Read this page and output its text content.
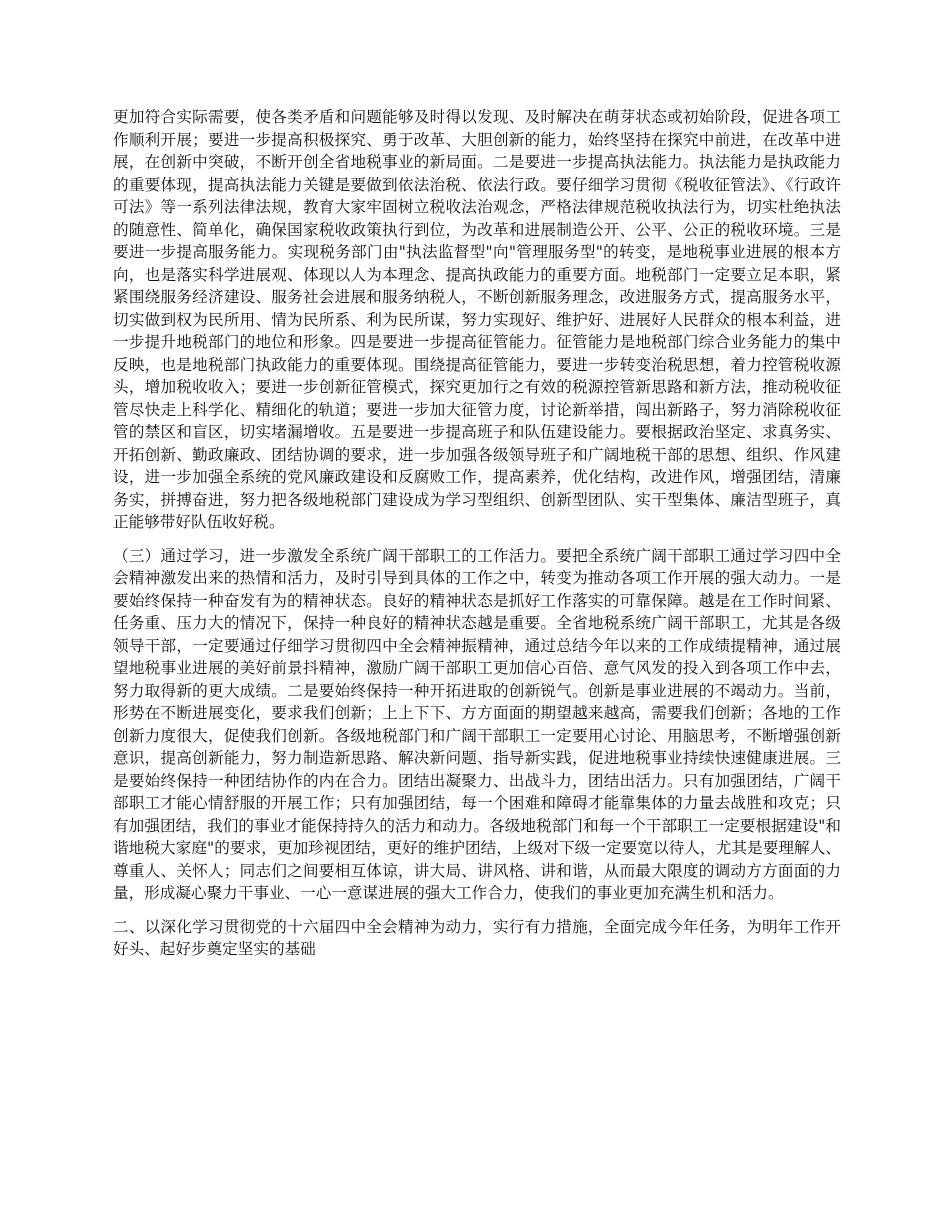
更加符合实际需要，使各类矛盾和问题能够及时得以发现、及时解决在萌芽状态或初始阶段，促进各项工作顺利开展；要进一步提高积极探究、勇于改革、大胆创新的能力，始终坚持在探究中前进，在改革中进展，在创新中突破，不断开创全省地税事业的新局面。二是要进一步提高执法能力。执法能力是执政能力的重要体现，提高执法能力关键是要做到依法治税、依法行政。要仔细学习贯彻《税收征管法》、《行政许可法》等一系列法律法规，教育大家牢固树立税收法治观念，严格法律规范税收执法行为，切实杜绝执法的随意性、简单化，确保国家税收政策执行到位，为改革和进展制造公开、公平、公正的税收环境。三是要进一步提高服务能力。实现税务部门由"执法监督型"向"管理服务型"的转变，是地税事业进展的根本方向，也是落实科学进展观、体现以人为本理念、提高执政能力的重要方面。地税部门一定要立足本职，紧紧围绕服务经济建设、服务社会进展和服务纳税人，不断创新服务理念，改进服务方式，提高服务水平，切实做到权为民所用、情为民所系、利为民所谋，努力实现好、维护好、进展好人民群众的根本利益，进一步提升地税部门的地位和形象。四是要进一步提高征管能力。征管能力是地税部门综合业务能力的集中反映，也是地税部门执政能力的重要体现。围绕提高征管能力，要进一步转变治税思想，着力控管税收源头，增加税收收入；要进一步创新征管模式，探究更加行之有效的税源控管新思路和新方法，推动税收征管尽快走上科学化、精细化的轨道；要进一步加大征管力度，讨论新举措，闯出新路子，努力消除税收征管的禁区和盲区，切实堵漏增收。五是要进一步提高班子和队伍建设能力。要根据政治坚定、求真务实、开拓创新、勤政廉政、团结协调的要求，进一步加强各级领导班子和广阔地税干部的思想、组织、作风建设，进一步加强全系统的党风廉政建设和反腐败工作，提高素养，优化结构，改进作风，增强团结，清廉务实，拼搏奋进，努力把各级地税部门建设成为学习型组织、创新型团队、实干型集体、廉洁型班子，真正能够带好队伍收好税。

（三）通过学习，进一步激发全系统广阔干部职工的工作活力。要把全系统广阔干部职工通过学习四中全会精神激发出来的热情和活力，及时引导到具体的工作之中，转变为推动各项工作开展的强大动力。一是要始终保持一种奋发有为的精神状态。良好的精神状态是抓好工作落实的可靠保障。越是在工作时间紧、任务重、压力大的情况下，保持一种良好的精神状态越是重要。全省地税系统广阔干部职工，尤其是各级领导干部，一定要通过仔细学习贯彻四中全会精神振精神，通过总结今年以来的工作成绩提精神，通过展望地税事业进展的美好前景抖精神，激励广阔干部职工更加信心百倍、意气风发的投入到各项工作中去，努力取得新的更大成绩。二是要始终保持一种开拓进取的创新锐气。创新是事业进展的不竭动力。当前，形势在不断进展变化，要求我们创新；上上下下、方方面面的期望越来越高，需要我们创新；各地的工作创新力度很大，促使我们创新。各级地税部门和广阔干部职工一定要用心讨论、用脑思考，不断增强创新意识，提高创新能力，努力制造新思路、解决新问题、指导新实践，促进地税事业持续快速健康进展。三是要始终保持一种团结协作的内在合力。团结出凝聚力、出战斗力，团结出活力。只有加强团结，广阔干部职工才能心情舒服的开展工作；只有加强团结，每一个困难和障碍才能靠集体的力量去战胜和攻克；只有加强团结，我们的事业才能保持持久的活力和动力。各级地税部门和每一个干部职工一定要根据建设"和谐地税大家庭"的要求，更加珍视团结，更好的维护团结，上级对下级一定要宽以待人，尤其是要理解人、尊重人、关怀人；同志们之间要相互体谅，讲大局、讲风格、讲和谐，从而最大限度的调动方方面面的力量，形成凝心聚力干事业、一心一意谋进展的强大工作合力，使我们的事业更加充满生机和活力。

二、以深化学习贯彻党的十六届四中全会精神为动力，实行有力措施，全面完成今年任务，为明年工作开好头、起好步奠定坚实的基础
